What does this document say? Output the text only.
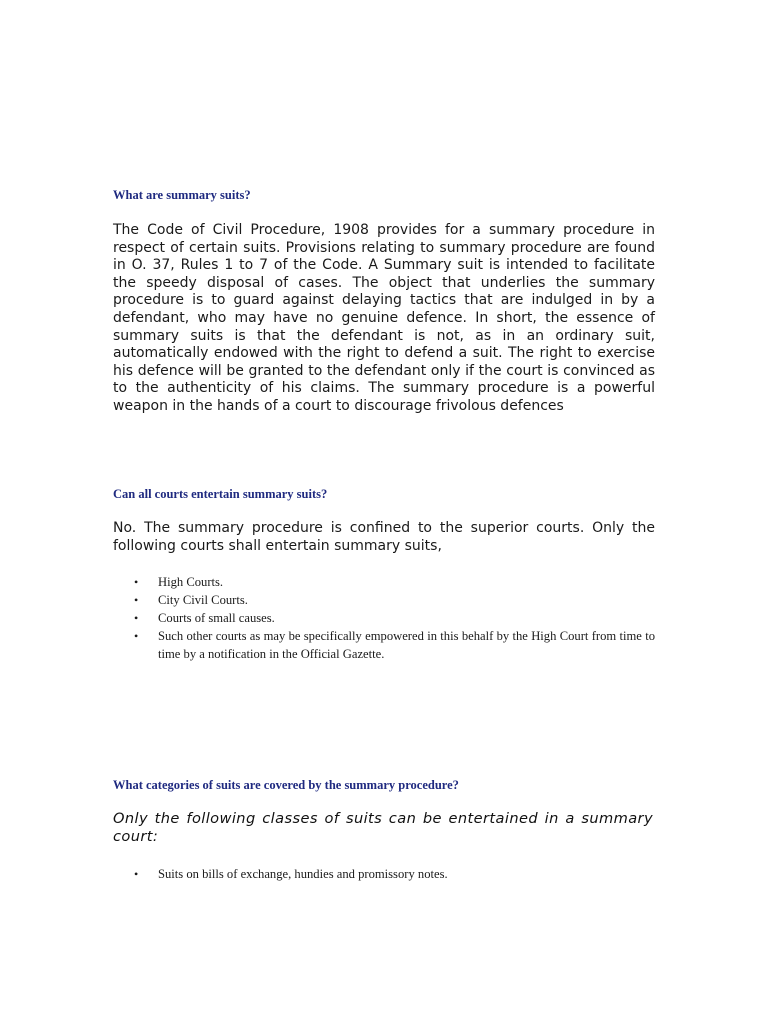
What are summary suits?
The Code of Civil Procedure, 1908 provides for a summary procedure in respect of certain suits. Provisions relating to summary procedure are found in O. 37, Rules 1 to 7 of the Code. A Summary suit is intended to facilitate the speedy disposal of cases. The object that underlies the summary procedure is to guard against delaying tactics that are indulged in by a defendant, who may have no genuine defence. In short, the essence of summary suits is that the defendant is not, as in an ordinary suit, automatically endowed with the right to defend a suit. The right to exercise his defence will be granted to the defendant only if the court is convinced as to the authenticity of his claims. The summary procedure is a powerful weapon in the hands of a court to discourage frivolous defences
Can all courts entertain summary suits?
No. The summary procedure is confined to the superior courts. Only the following courts shall entertain summary suits,
• High Courts.
• City Civil Courts.
• Courts of small causes.
• Such other courts as may be specifically empowered in this behalf by the High Court from time to time by a notification in the Official Gazette.
What categories of suits are covered by the summary procedure?
Only the following classes of suits can be entertained in a summary court:
• Suits on bills of exchange, hundies and promissory notes.
